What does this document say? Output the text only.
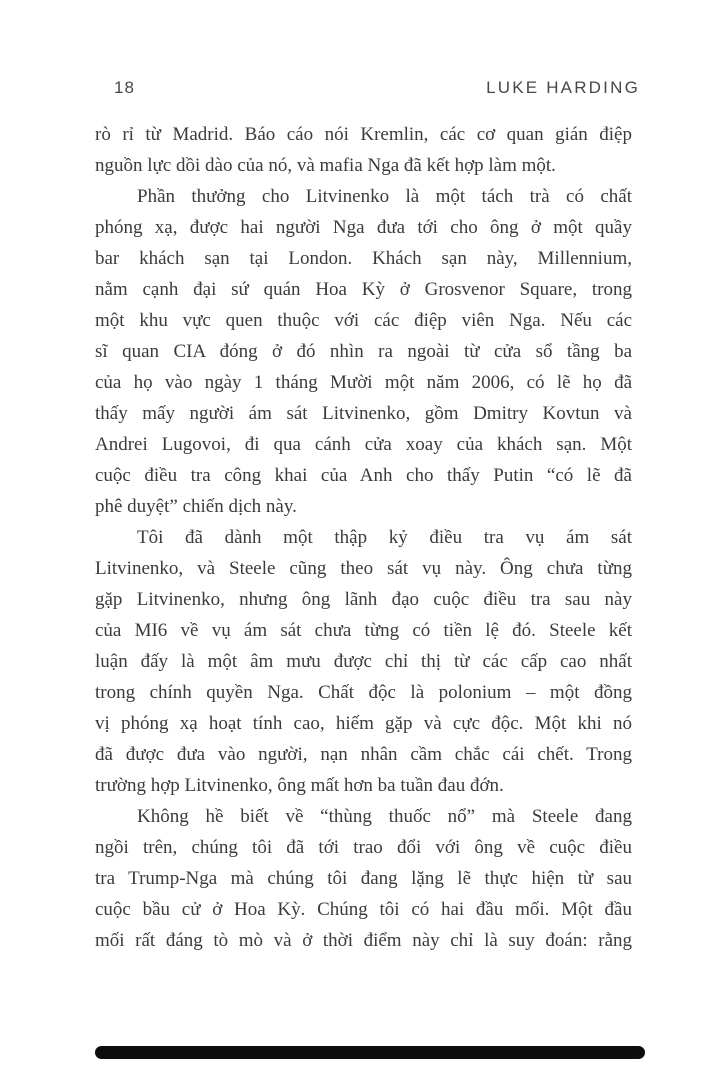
18	LUKE HARDING
rò rỉ từ Madrid. Báo cáo nói Kremlin, các cơ quan gián điệp
nguồn lực dồi dào của nó, và mafia Nga đã kết hợp làm một.
Phần thưởng cho Litvinenko là một tách trà có chất
phóng xạ, được hai người Nga đưa tới cho ông ở một quầy
bar khách sạn tại London. Khách sạn này, Millennium,
nằm cạnh đại sứ quán Hoa Kỳ ở Grosvenor Square, trong
một khu vực quen thuộc với các điệp viên Nga. Nếu các
sĩ quan CIA đóng ở đó nhìn ra ngoài từ cửa sổ tầng ba
của họ vào ngày 1 tháng Mười một năm 2006, có lẽ họ đã
thấy mấy người ám sát Litvinenko, gồm Dmitry Kovtun và
Andrei Lugovoi, đi qua cánh cửa xoay của khách sạn. Một
cuộc điều tra công khai của Anh cho thấy Putin “có lẽ đã
phê duyệt” chiến dịch này.
Tôi đã dành một thập kỷ điều tra vụ ám sát
Litvinenko, và Steele cũng theo sát vụ này. Ông chưa từng
gặp Litvinenko, nhưng ông lãnh đạo cuộc điều tra sau này
của MI6 về vụ ám sát chưa từng có tiền lệ đó. Steele kết
luận đấy là một âm mưu được chỉ thị từ các cấp cao nhất
trong chính quyền Nga. Chất độc là polonium – một đồng
vị phóng xạ hoạt tính cao, hiếm gặp và cực độc. Một khi nó
đã được đưa vào người, nạn nhân cầm chắc cái chết. Trong
trường hợp Litvinenko, ông mất hơn ba tuần đau đớn.
Không hề biết về “thùng thuốc nổ” mà Steele đang
ngồi trên, chúng tôi đã tới trao đổi với ông về cuộc điều
tra Trump-Nga mà chúng tôi đang lặng lẽ thực hiện từ sau
cuộc bầu cử ở Hoa Kỳ. Chúng tôi có hai đầu mối. Một đầu
mối rất đáng tò mò và ở thời điểm này chỉ là suy đoán: rằng
